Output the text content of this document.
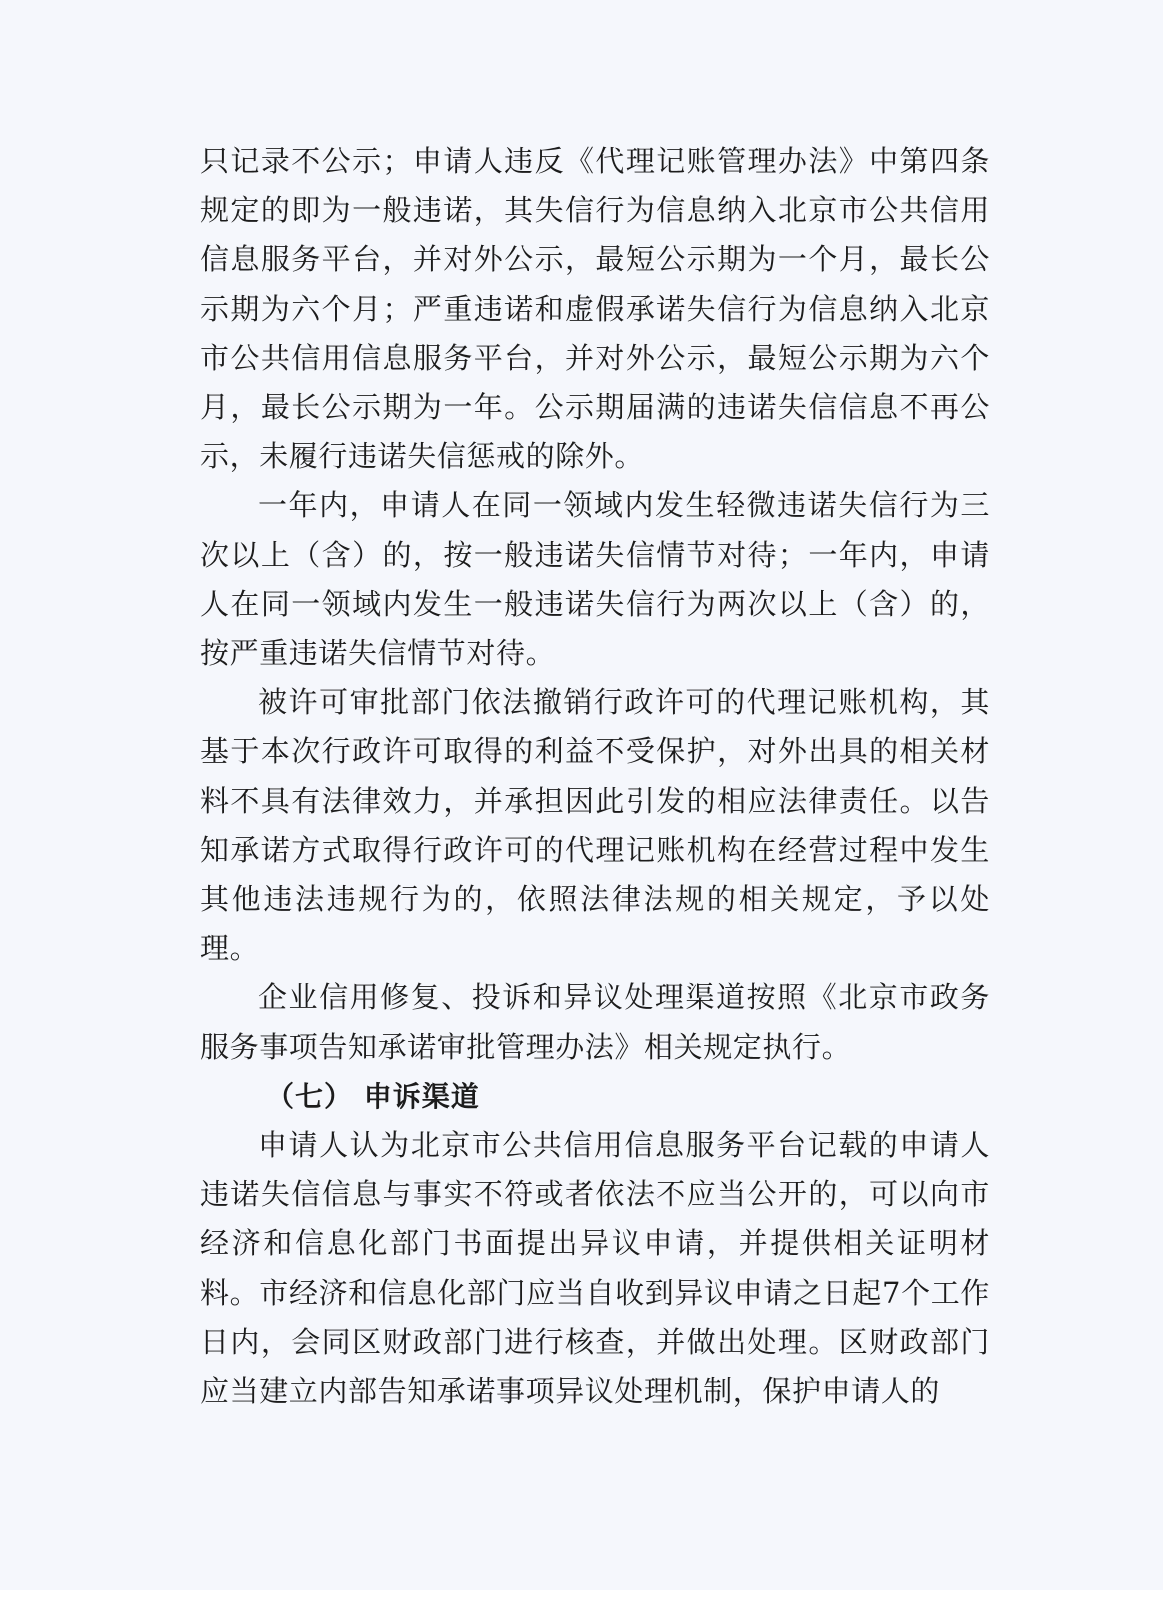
只记录不公示；申请人违反《代理记账管理办法》中第四条规定的即为一般违诺，其失信行为信息纳入北京市公共信用信息服务平台，并对外公示，最短公示期为一个月，最长公示期为六个月；严重违诺和虚假承诺失信行为信息纳入北京市公共信用信息服务平台，并对外公示，最短公示期为六个月，最长公示期为一年。公示期届满的违诺失信信息不再公示，未履行违诺失信惩戒的除外。

一年内，申请人在同一领域内发生轻微违诺失信行为三次以上（含）的，按一般违诺失信情节对待；一年内，申请人在同一领域内发生一般违诺失信行为两次以上（含）的，按严重违诺失信情节对待。

被许可审批部门依法撤销行政许可的代理记账机构，其基于本次行政许可取得的利益不受保护，对外出具的相关材料不具有法律效力，并承担因此引发的相应法律责任。以告知承诺方式取得行政许可的代理记账机构在经营过程中发生其他违法违规行为的，依照法律法规的相关规定，予以处理。

企业信用修复、投诉和异议处理渠道按照《北京市政务服务事项告知承诺审批管理办法》相关规定执行。

（七） 申诉渠道

申请人认为北京市公共信用信息服务平台记载的申请人违诺失信信息与事实不符或者依法不应当公开的，可以向市经济和信息化部门书面提出异议申请，并提供相关证明材料。市经济和信息化部门应当自收到异议申请之日起7个工作日内，会同区财政部门进行核查，并做出处理。区财政部门应当建立内部告知承诺事项异议处理机制，保护申请人的
